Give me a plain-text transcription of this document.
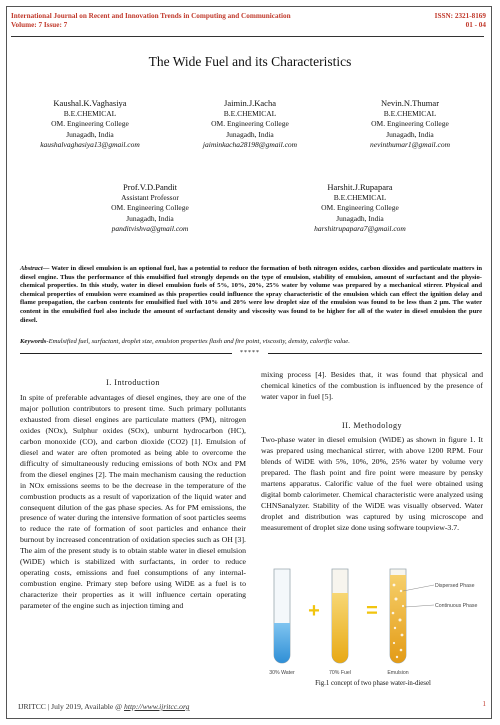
International Journal on Recent and Innovation Trends in Computing and Communication
Volume: 7 Issue: 7
ISSN: 2321-8169
01 - 04
The Wide Fuel and its Characteristics
Kaushal.K.Vaghasiya
B.E.CHEMICAL
OM. Engineering College
Junagadh, India
kaushalvaghasiya13@gmail.com
Jaimin.J.Kacha
B.E.CHEMICAL
OM. Engineering College
Junagadh, India
jaiminkacha28198@gmail.com
Nevin.N.Thumar
B.E.CHEMICAL
OM. Engineering College
Junagadh, India
nevinthumar1@gmail.com
Prof.V.D.Pandit
Assistant Professor
OM. Engineering College
Junagadh, India
panditvishva@gmail.com
Harshit.J.Rupapara
B.E.CHEMICAL
OM. Engineering College
Junagadh, India
harshitrupapara7@gmail.com
Abstract— Water in diesel emulsion is an optional fuel, has a potential to reduce the formation of both nitrogen oxides, carbon dioxides and particulate matters in diesel engine. Thus the performance of this emulsified fuel strongly depends on the type of emulsion, stability of emulsion, amount of surfactant and the physio-chemical properties. In this study, water in diesel emulsion fuels of 5%, 10%, 20%, 25% water by volume was prepared by a mechanical stirrer. Physical and chemical properties of emulsion were examined as this properties could influence the spray characteristic of the emulsion which can effect the ignition delay and flame propagation, the carbon contents for emulsified fuel with 10% and 20% were low droplet size of the emulsion was found to be less than 2 μm. The water content in the emulsified fuel also include the amount of surfactant density and viscosity was found to be higher for all of the water in diesel emulsion the pure diesel.
Keywords-Emulsified fuel, surfactant, droplet size, emulsion properties flash and fire point, viscosity, density, calorific value.
*****
I. Introduction

In spite of preferable advantages of diesel engines, they are one of the major pollution contributors to present time. Such primary pollutants exhausted from diesel engines are particulate matters (PM), nitrogen oxides (NOx), Sulphur oxides (SOx), unburnt hydrocarbon (HC), carbon monoxide (CO), and carbon dioxide (CO2) [1]. Emulsion of diesel and water are often promoted as being able to overcome the difficulty of simultaneously reducing emissions of both NOx and PM from the diesel engines [2]. The main mechanism causing the reduction in NOx emissions seems to be the decrease in the temperature of the combustion products as a result of vaporization of the liquid water and consequent dilution of the gas phase species. As for PM emissions, the presence of water during the intensive formation of soot particles seems to reduce the rate of formation of soot particles and enhance their burnout by increased concentration of oxidation species such as OH [3]. The aim of the present study is to obtain stable water in diesel emulsion (WiDE) which is stabilized with surfactants, in order to reduce operating costs, emissions and fuel consumptions of any internal-combustion engine. Primary step before using WiDE as a fuel is to characterize their properties as it will influence certain operating parameter of the engine such as injection timing and

mixing process [4]. Besides that, it was found that physical and chemical kinetics of the combustion is influenced by the presence of water vapor in fuel [5].

II. Methodology

Two-phase water in diesel emulsion (WiDE) as shown in figure 1. It was prepared using mechanical stirrer, with above 1200 RPM. Four blends of WiDE with 5%, 10%, 20%, 25% water by volume very prepared. The flash point and fire point were measure by pensky martens apparatus. Calorific value of the fuel were obtained using digital bomb calorimeter. Chemical characteristic were analyzed using CHNSanalyzer. Stability of the WiDE was visually observed. Water droplet and distribution was captured by using microscope and measurement of droplet size done using software toupview-3.7.

30% Water
+
70% Fuel
=
Emulsion
Dispersed Phase
Continuous Phase
Fig.1 concept of two phase water-in-diesel
IJRITCC | July 2019, Available @ http://www.ijritcc.org	1
